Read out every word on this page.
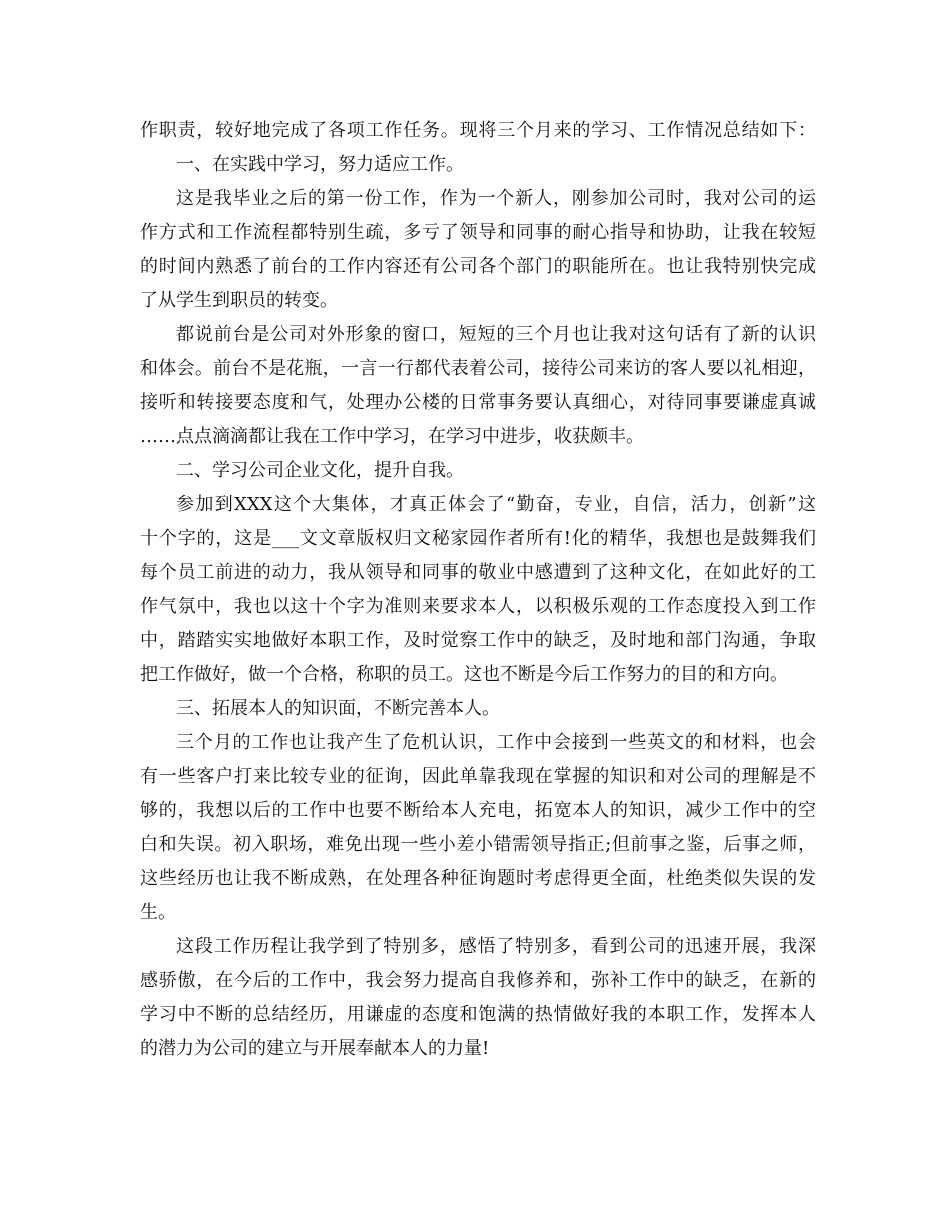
作职责，较好地完成了各项工作任务。现将三个月来的学习、工作情况总结如下：
一、在实践中学习，努力适应工作。
这是我毕业之后的第一份工作，作为一个新人，刚参加公司时，我对公司的运
作方式和工作流程都特别生疏，多亏了领导和同事的耐心指导和协助，让我在较短
的时间内熟悉了前台的工作内容还有公司各个部门的职能所在。也让我特别快完成
了从学生到职员的转变。
都说前台是公司对外形象的窗口，短短的三个月也让我对这句话有了新的认识
和体会。前台不是花瓶，一言一行都代表着公司，接待公司来访的客人要以礼相迎，
接听和转接要态度和气，处理办公楼的日常事务要认真细心，对待同事要谦虚真诚
……点点滴滴都让我在工作中学习，在学习中进步，收获颇丰。
二、学习公司企业文化，提升自我。
参加到XXX这个大集体，才真正体会了“勤奋，专业，自信，活力，创新”这
十个字的，这是___文文章版权归文秘家园作者所有!化的精华，我想也是鼓舞我们
每个员工前进的动力，我从领导和同事的敬业中感遭到了这种文化，在如此好的工
作气氛中，我也以这十个字为准则来要求本人，以积极乐观的工作态度投入到工作
中，踏踏实实地做好本职工作，及时觉察工作中的缺乏，及时地和部门沟通，争取
把工作做好，做一个合格，称职的员工。这也不断是今后工作努力的目的和方向。
三、拓展本人的知识面，不断完善本人。
三个月的工作也让我产生了危机认识，工作中会接到一些英文的和材料，也会
有一些客户打来比较专业的征询，因此单靠我现在掌握的知识和对公司的理解是不
够的，我想以后的工作中也要不断给本人充电，拓宽本人的知识，减少工作中的空
白和失误。初入职场，难免出现一些小差小错需领导指正;但前事之鉴，后事之师，
这些经历也让我不断成熟，在处理各种征询题时考虑得更全面，杜绝类似失误的发
生。
这段工作历程让我学到了特别多，感悟了特别多，看到公司的迅速开展，我深
感骄傲，在今后的工作中，我会努力提高自我修养和，弥补工作中的缺乏，在新的
学习中不断的总结经历，用谦虚的态度和饱满的热情做好我的本职工作，发挥本人
的潜力为公司的建立与开展奉献本人的力量!
